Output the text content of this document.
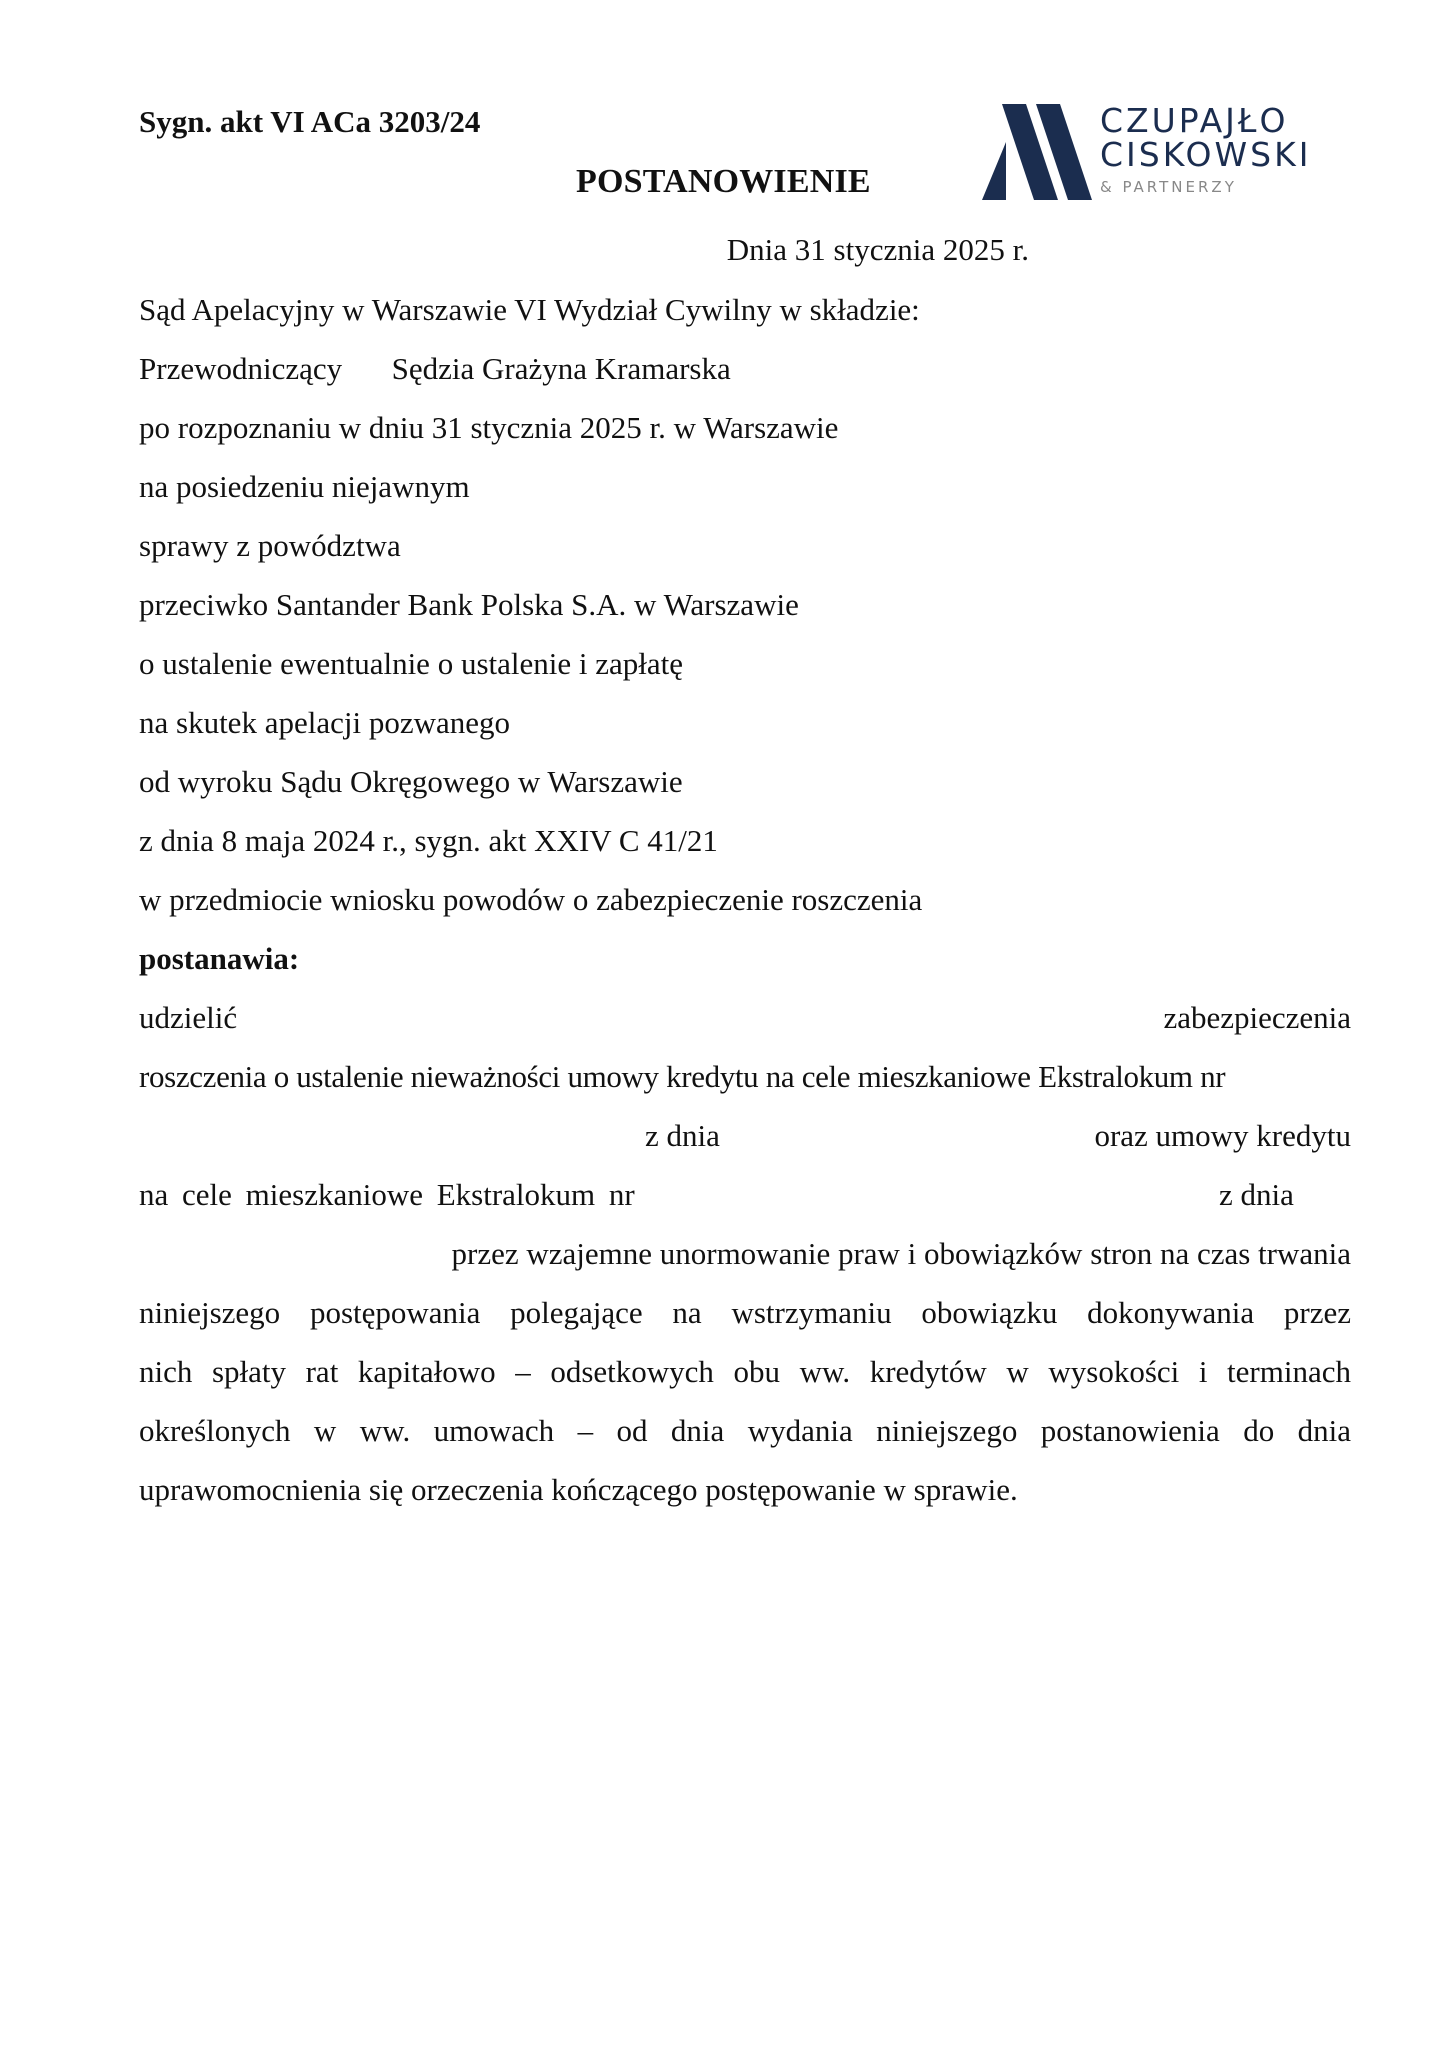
Sygn. akt VI ACa 3203/24
POSTANOWIENIE
CZUPAJŁO
CISKOWSKI
& PARTNERZY
Dnia 31 stycznia 2025 r.
Sąd Apelacyjny w Warszawie VI Wydział Cywilny w składzie:
Przewodniczący Sędzia Grażyna Kramarska
po rozpoznaniu w dniu 31 stycznia 2025 r. w Warszawie
na posiedzeniu niejawnym
sprawy z powództwa
przeciwko Santander Bank Polska S.A. w Warszawie
o ustalenie ewentualnie o ustalenie i zapłatę
na skutek apelacji pozwanego
od wyroku Sądu Okręgowego w Warszawie
z dnia 8 maja 2024 r., sygn. akt XXIV C 41/21
w przedmiocie wniosku powodów o zabezpieczenie roszczenia
postanawia:
udzielić	zabezpieczenia
roszczenia o ustalenie nieważności umowy kredytu na cele mieszkaniowe Ekstralokum nr
z dnia	oraz umowy kredytu
na cele mieszkaniowe Ekstralokum nr	z dnia
przez wzajemne unormowanie praw i obowiązków stron na czas trwania
niniejszego postępowania polegające na wstrzymaniu obowiązku dokonywania przez
nich spłaty rat kapitałowo – odsetkowych obu ww. kredytów w wysokości i terminach
określonych w ww. umowach – od dnia wydania niniejszego postanowienia do dnia
uprawomocnienia się orzeczenia kończącego postępowanie w sprawie.
